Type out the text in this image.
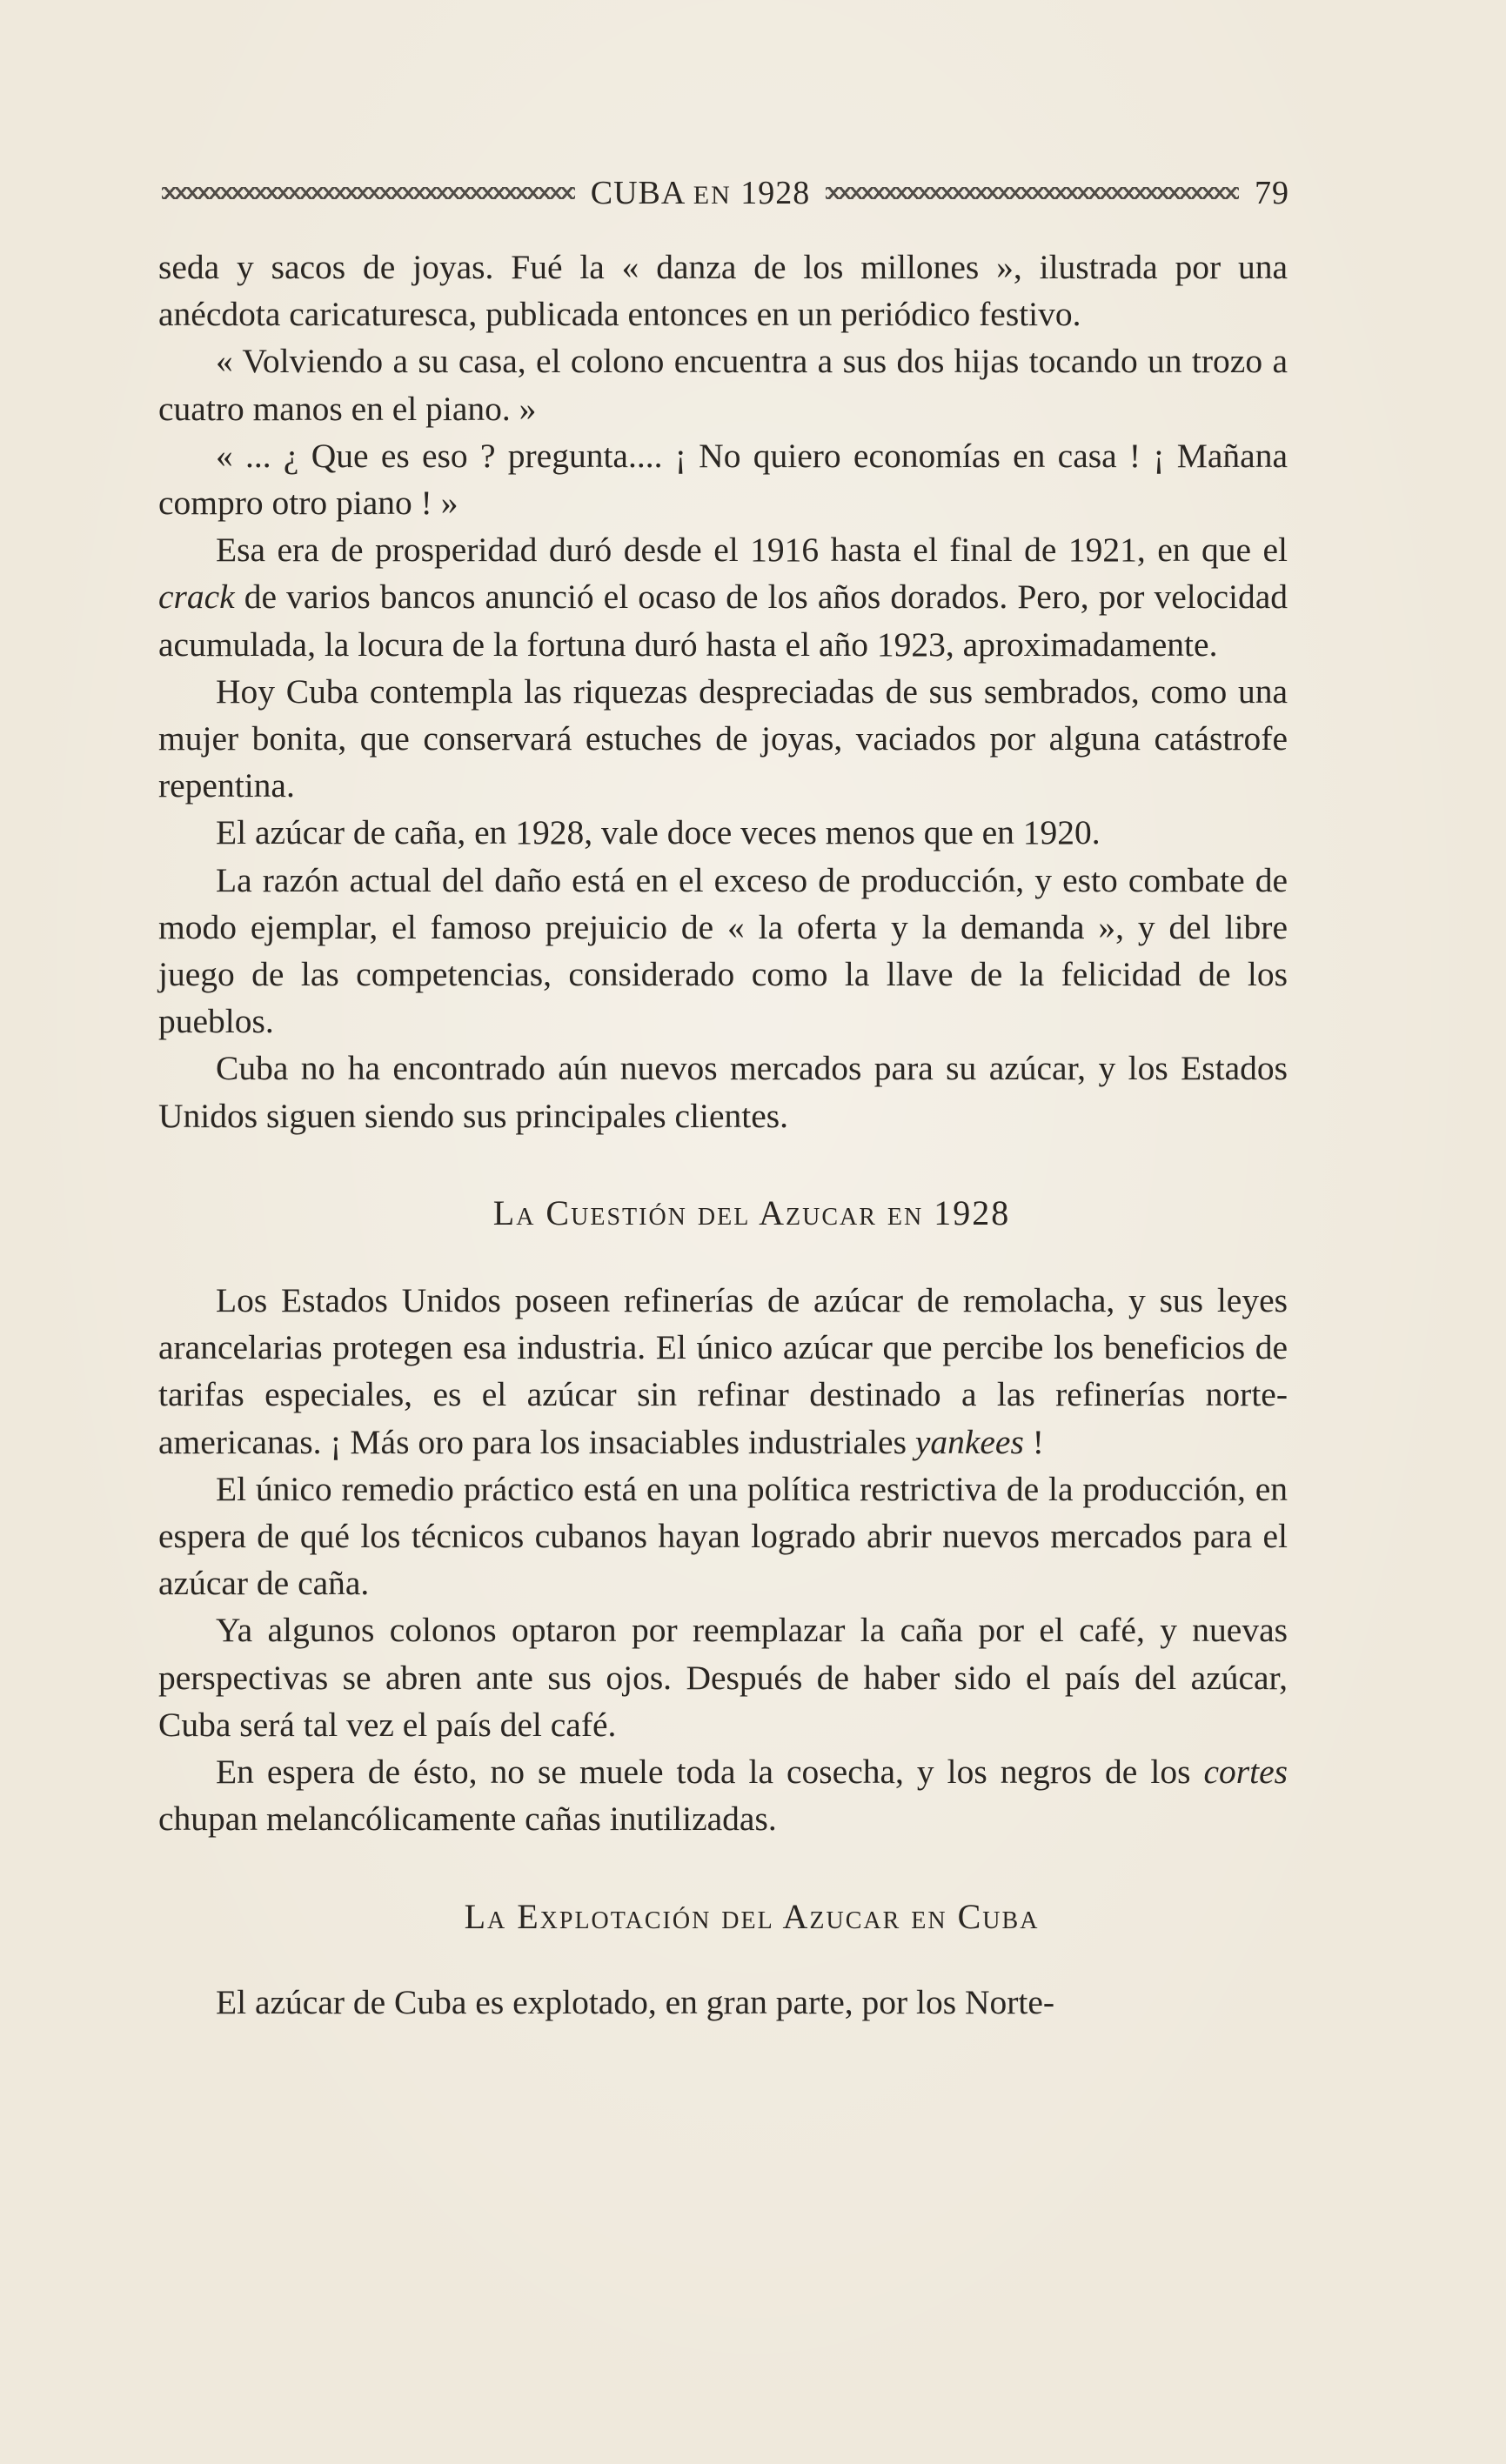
CUBA EN 1928	79

seda y sacos de joyas. Fué la « danza de los millones », ilustrada por una anécdota caricaturesca, publicada entonces en un periódico festivo.

« Volviendo a su casa, el colono encuentra a sus dos hijas tocando un trozo a cuatro manos en el piano. »

« ... ¿ Que es eso ? pregunta.... ¡ No quiero economías en casa ! ¡ Mañana compro otro piano ! »

Esa era de prosperidad duró desde el 1916 hasta el final de 1921, en que el crack de varios bancos anunció el ocaso de los años dorados. Pero, por velocidad acumulada, la locura de la fortuna duró hasta el año 1923, aproximadamente.

Hoy Cuba contempla las riquezas despreciadas de sus sembrados, como una mujer bonita, que conservará estuches de joyas, vaciados por alguna catástrofe repentina.

El azúcar de caña, en 1928, vale doce veces menos que en 1920.

La razón actual del daño está en el exceso de producción, y esto combate de modo ejemplar, el famoso prejuicio de « la oferta y la demanda », y del libre juego de las competencias, considerado como la llave de la felicidad de los pueblos.

Cuba no ha encontrado aún nuevos mercados para su azúcar, y los Estados Unidos siguen siendo sus principales clientes.

La Cuestión del Azucar en 1928

Los Estados Unidos poseen refinerías de azúcar de remolacha, y sus leyes arancelarias protegen esa industria. El único azúcar que percibe los beneficios de tarifas especiales, es el azúcar sin refinar destinado a las refinerías norte-americanas. ¡ Más oro para los insaciables industriales yankees !

El único remedio práctico está en una política restrictiva de la producción, en espera de qué los técnicos cubanos hayan logrado abrir nuevos mercados para el azúcar de caña.

Ya algunos colonos optaron por reemplazar la caña por el café, y nuevas perspectivas se abren ante sus ojos. Después de haber sido el país del azúcar, Cuba será tal vez el país del café.

En espera de ésto, no se muele toda la cosecha, y los negros de los cortes chupan melancólicamente cañas inutilizadas.

La Explotación del Azucar en Cuba

El azúcar de Cuba es explotado, en gran parte, por los Norte-
